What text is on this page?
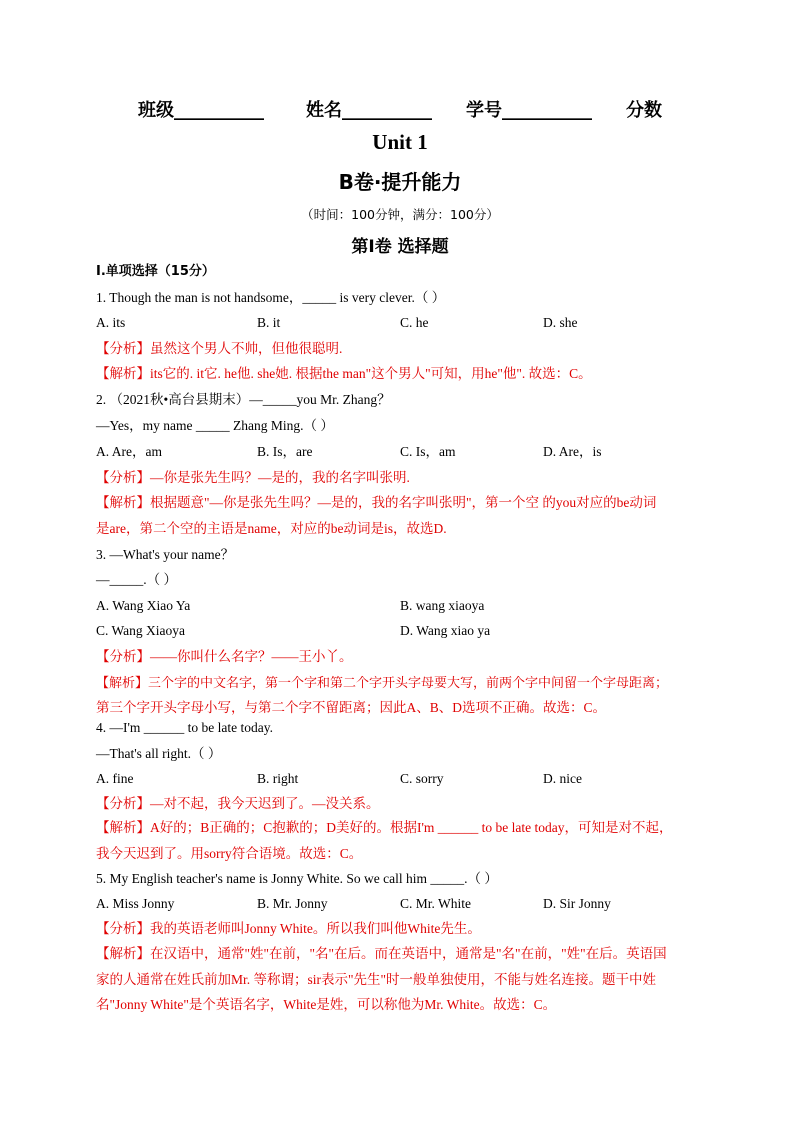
班级__________ 姓名__________ 学号__________ 分数
Unit 1
B卷·提升能力
（时间：100分钟，满分：100分）
第Ⅰ卷 选择题
I.单项选择（15分）
1. Though the man is not handsome，_____ is very clever.（ ）
A. its	B. it	C. he	D. she
【分析】虽然这个男人不帅，但他很聪明.
【解析】its它的. it它. he他. she她. 根据the man"这个男人"可知，用he"他". 故选：C。
2. （2021秋•高台县期末）—_____you Mr. Zhang？
—Yes，my name _____ Zhang Ming.（ ）
A. Are，am	B. Is，are	C. Is，am	D. Are，is
【分析】—你是张先生吗？—是的，我的名字叫张明.
【解析】根据题意"—你是张先生吗？—是的，我的名字叫张明"，第一个空 的you对应的be动词
是are，第二个空的主语是name，对应的be动词是is，故选D.
3. —What's your name？
—_____.（ ）
A. Wang Xiao Ya	B. wang xiaoya
C. Wang Xiaoya	D. Wang xiao ya
【分析】——你叫什么名字？——王小丫。
【解析】三个字的中文名字，第一个字和第二个字开头字母要大写，前两个字中间留一个字母距离；
第三个字开头字母小写，与第二个字不留距离；因此A、B、D选项不正确。故选：C。
4. —I'm ______ to be late today.
—That's all right.（ ）
A. fine	B. right	C. sorry	D. nice
【分析】—对不起，我今天迟到了。—没关系。
【解析】A好的；B正确的；C抱歉的；D美好的。根据I'm ______ to be late today，可知是对不起，
我今天迟到了。用sorry符合语境。故选：C。
5. My English teacher's name is Jonny White. So we call him _____.（ ）
A. Miss Jonny	B. Mr. Jonny	C. Mr. White	D. Sir Jonny
【分析】我的英语老师叫Jonny White。所以我们叫他White先生。
【解析】在汉语中，通常"姓"在前，"名"在后。而在英语中，通常是"名"在前，"姓"在后。英语国
家的人通常在姓氏前加Mr. 等称谓；sir表示"先生"时一般单独使用，不能与姓名连接。题干中姓
名"Jonny White"是个英语名字，White是姓，可以称他为Mr. White。故选：C。
